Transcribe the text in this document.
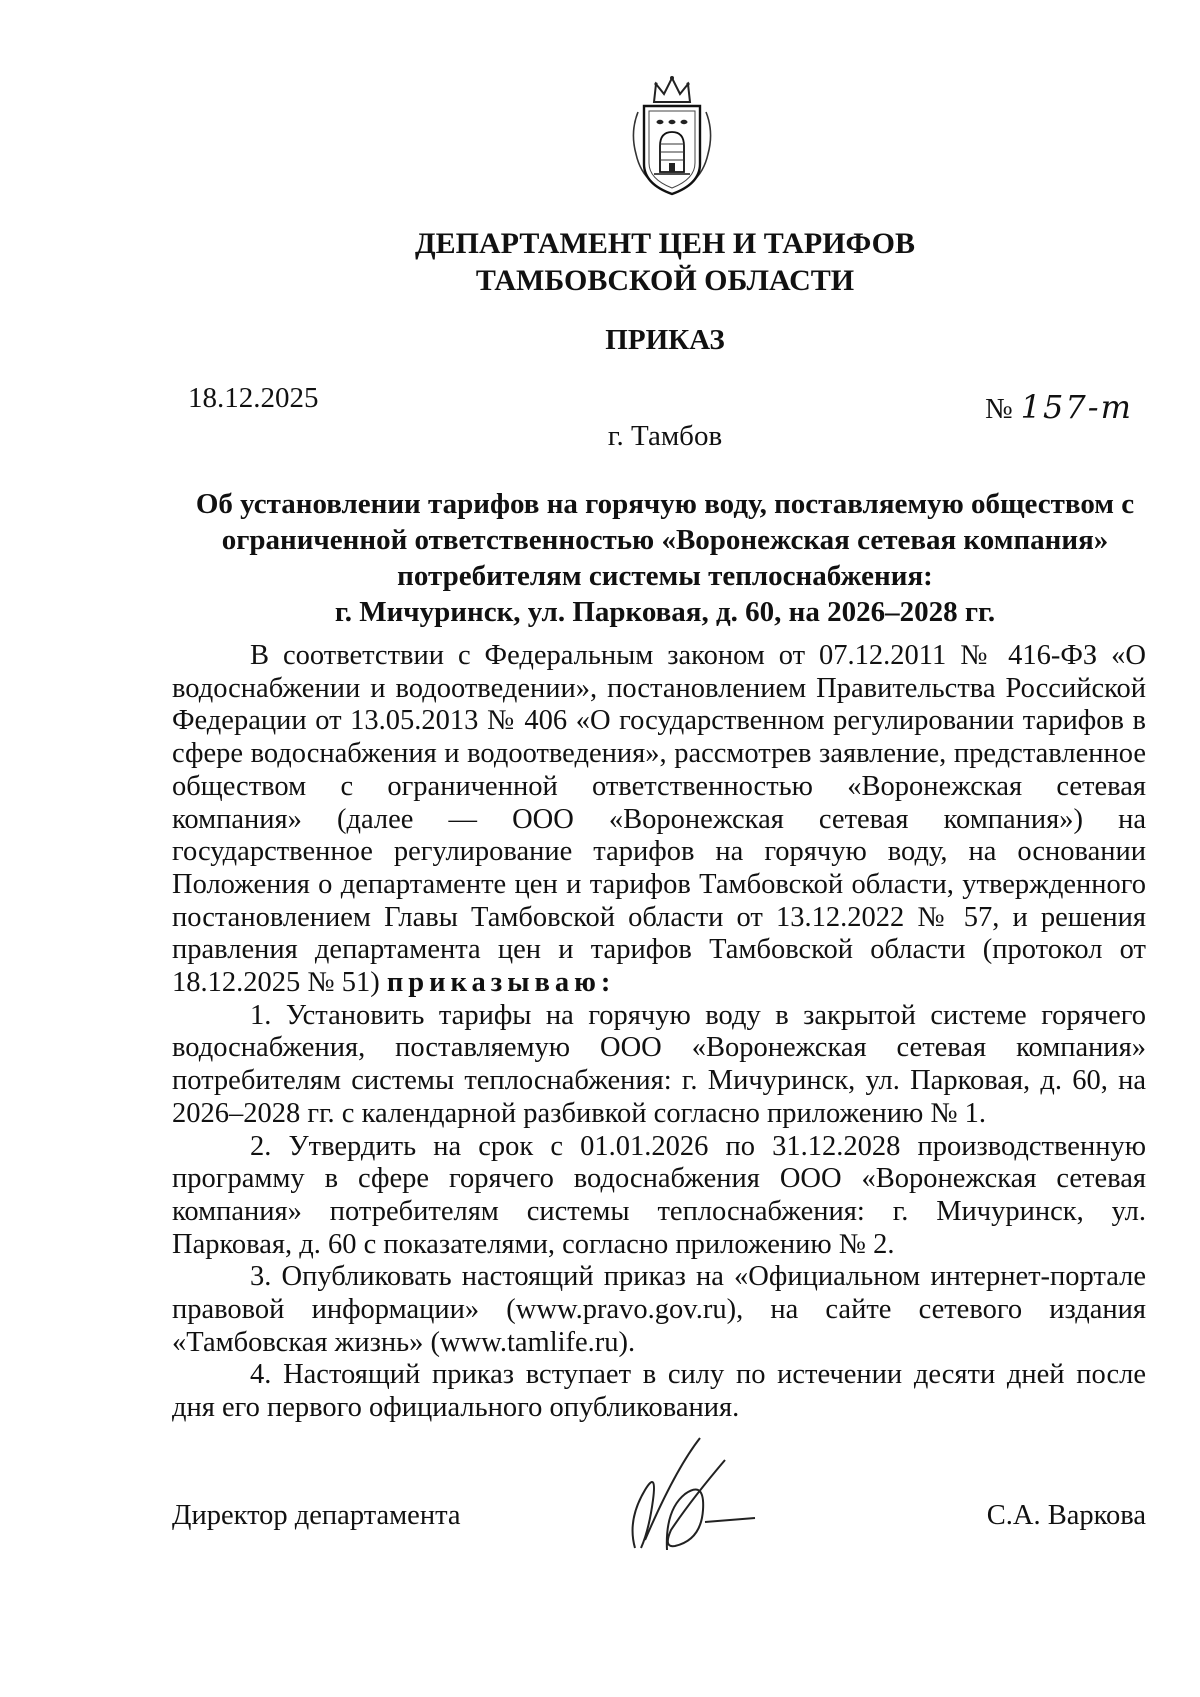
ДЕПАРТАМЕНТ ЦЕН И ТАРИФОВ
ТАМБОВСКОЙ ОБЛАСТИ
ПРИКАЗ
18.12.2025	№ 157-т
г. Тамбов
Об установлении тарифов на горячую воду, поставляемую обществом с
ограниченной ответственностью «Воронежская сетевая компания»
потребителям системы теплоснабжения:
г. Мичуринск, ул. Парковая, д. 60, на 2026–2028 гг.

В соответствии с Федеральным законом от 07.12.2011 № 416-ФЗ «О водоснабжении и водоотведении», постановлением Правительства Российской Федерации от 13.05.2013 № 406 «О государственном регулировании тарифов в сфере водоснабжения и водоотведения», рассмотрев заявление, представленное обществом с ограниченной ответственностью «Воронежская сетевая компания» (далее — ООО «Воронежская сетевая компания») на государственное регулирование тарифов на горячую воду, на основании Положения о департаменте цен и тарифов Тамбовской области, утвержденного постановлением Главы Тамбовской области от 13.12.2022 № 57, и решения правления департамента цен и тарифов Тамбовской области (протокол от 18.12.2025 № 51) приказываю:

1. Установить тарифы на горячую воду в закрытой системе горячего водоснабжения, поставляемую ООО «Воронежская сетевая компания» потребителям системы теплоснабжения: г. Мичуринск, ул. Парковая, д. 60, на 2026–2028 гг. с календарной разбивкой согласно приложению № 1.

2. Утвердить на срок с 01.01.2026 по 31.12.2028 производственную программу в сфере горячего водоснабжения ООО «Воронежская сетевая компания» потребителям системы теплоснабжения: г. Мичуринск, ул. Парковая, д. 60 с показателями, согласно приложению № 2.

3. Опубликовать настоящий приказ на «Официальном интернет-портале правовой информации» (www.pravo.gov.ru), на сайте сетевого издания «Тамбовская жизнь» (www.tamlife.ru).

4. Настоящий приказ вступает в силу по истечении десяти дней после дня его первого официального опубликования.

Директор департамента	С.А. Варкова
